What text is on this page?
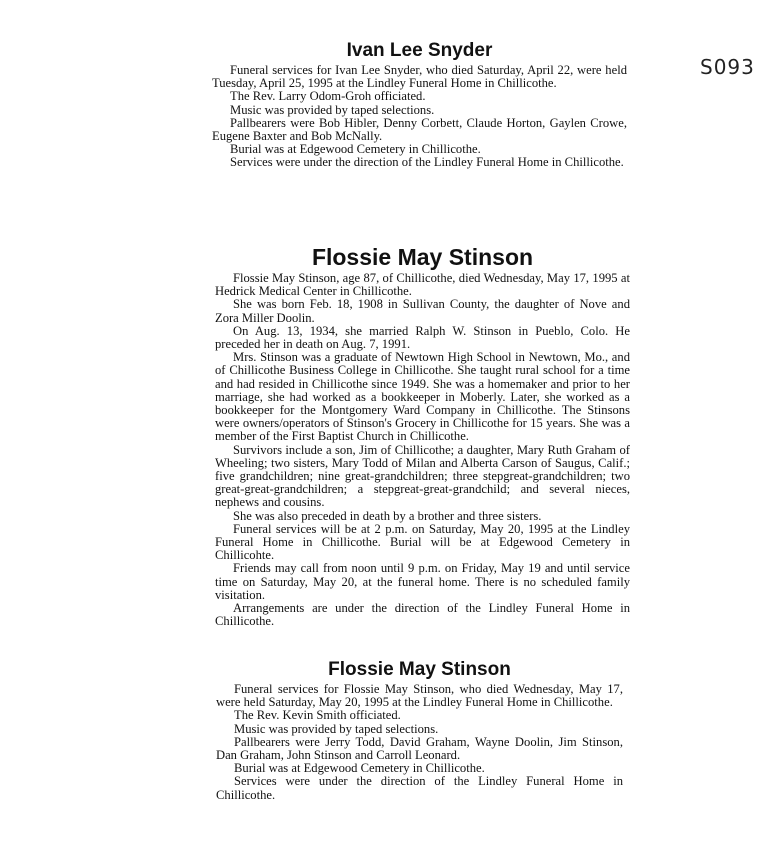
S093
Ivan Lee Snyder

Funeral services for Ivan Lee Snyder, who died Saturday, April 22, were held Tuesday, April 25, 1995 at the Lindley Funeral Home in Chillicothe.

The Rev. Larry Odom-Groh officiated.

Music was provided by taped selections.

Pallbearers were Bob Hibler, Denny Corbett, Claude Horton, Gaylen Crowe, Eugene Baxter and Bob McNally.

Burial was at Edgewood Cemetery in Chillicothe.

Services were under the direction of the Lindley Funeral Home in Chillicothe.

Flossie May Stinson

Flossie May Stinson, age 87, of Chillicothe, died Wednesday, May 17, 1995 at Hedrick Medical Center in Chillicothe.

She was born Feb. 18, 1908 in Sullivan County, the daughter of Nove and Zora Miller Doolin.

On Aug. 13, 1934, she married Ralph W. Stinson in Pueblo, Colo. He preceded her in death on Aug. 7, 1991.

Mrs. Stinson was a graduate of Newtown High School in Newtown, Mo., and of Chillicothe Business College in Chillicothe. She taught rural school for a time and had resided in Chillicothe since 1949. She was a homemaker and prior to her marriage, she had worked as a bookkeeper in Moberly. Later, she worked as a bookkeeper for the Montgomery Ward Company in Chillicothe. The Stinsons were owners/operators of Stinson's Grocery in Chillicothe for 15 years. She was a member of the First Baptist Church in Chillicothe.

Survivors include a son, Jim of Chillicothe; a daughter, Mary Ruth Graham of Wheeling; two sisters, Mary Todd of Milan and Alberta Carson of Saugus, Calif.; five grandchildren; nine great-grandchildren; three stepgreat-grandchildren; two great-great-grandchildren; a stepgreat-great-grandchild; and several nieces, nephews and cousins.

She was also preceded in death by a brother and three sisters.

Funeral services will be at 2 p.m. on Saturday, May 20, 1995 at the Lindley Funeral Home in Chillicothe. Burial will be at Edgewood Cemetery in Chillicohte.

Friends may call from noon until 9 p.m. on Friday, May 19 and until service time on Saturday, May 20, at the funeral home. There is no scheduled family visitation.

Arrangements are under the direction of the Lindley Funeral Home in Chillicothe.

Flossie May Stinson

Funeral services for Flossie May Stinson, who died Wednesday, May 17, were held Saturday, May 20, 1995 at the Lindley Funeral Home in Chillicothe.

The Rev. Kevin Smith officiated.

Music was provided by taped selections.

Pallbearers were Jerry Todd, David Graham, Wayne Doolin, Jim Stinson, Dan Graham, John Stinson and Carroll Leonard.

Burial was at Edgewood Cemetery in Chillicothe.

Services were under the direction of the Lindley Funeral Home in Chillicothe.
